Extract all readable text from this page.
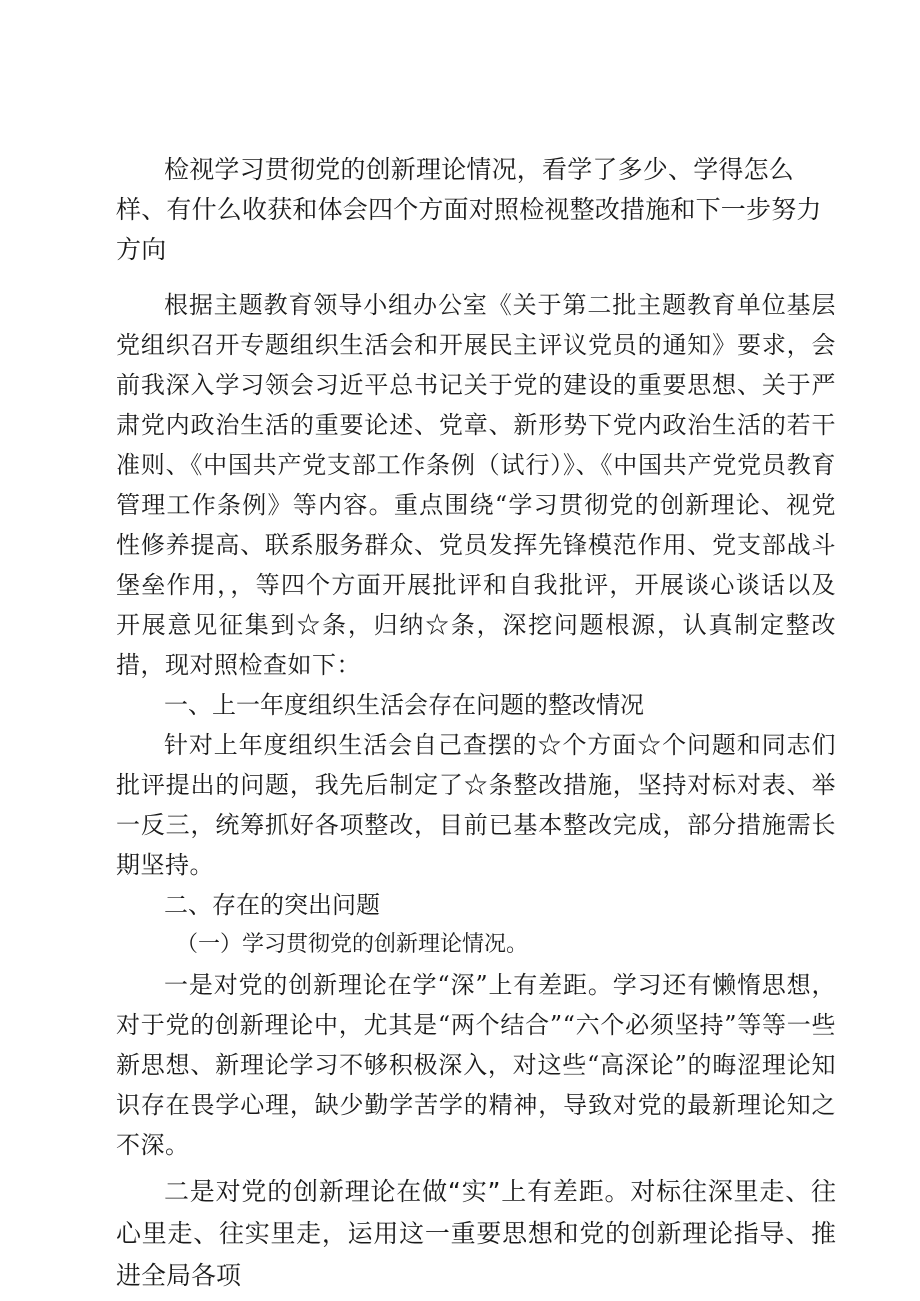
检视学习贯彻党的创新理论情况，看学了多少、学得怎么样、有什么收获和体会四个方面对照检视整改措施和下一步努力方向

根据主题教育领导小组办公室《关于第二批主题教育单位基层党组织召开专题组织生活会和开展民主评议党员的通知》要求，会前我深入学习领会习近平总书记关于党的建设的重要思想、关于严肃党内政治生活的重要论述、党章、新形势下党内政治生活的若干准则、《中国共产党支部工作条例（试行）》、《中国共产党党员教育管理工作条例》等内容。重点围绕“学习贯彻党的创新理论、视党性修养提高、联系服务群众、党员发挥先锋模范作用、党支部战斗堡垒作用，，等四个方面开展批评和自我批评，开展谈心谈话以及开展意见征集到☆条，归纳☆条，深挖问题根源，认真制定整改措，现对照检查如下：

一、上一年度组织生活会存在问题的整改情况

针对上年度组织生活会自己查摆的☆个方面☆个问题和同志们批评提出的问题，我先后制定了☆条整改措施，坚持对标对表、举一反三，统筹抓好各项整改，目前已基本整改完成，部分措施需长期坚持。

二、存在的突出问题

（一）学习贯彻党的创新理论情况。

一是对党的创新理论在学“深”上有差距。学习还有懒惰思想，对于党的创新理论中，尤其是“两个结合”“六个必须坚持”等等一些新思想、新理论学习不够积极深入，对这些“高深论”的晦涩理论知识存在畏学心理，缺少勤学苦学的精神，导致对党的最新理论知之不深。

二是对党的创新理论在做“实”上有差距。对标往深里走、往心里走、往实里走，运用这一重要思想和党的创新理论指导、推进全局各项
